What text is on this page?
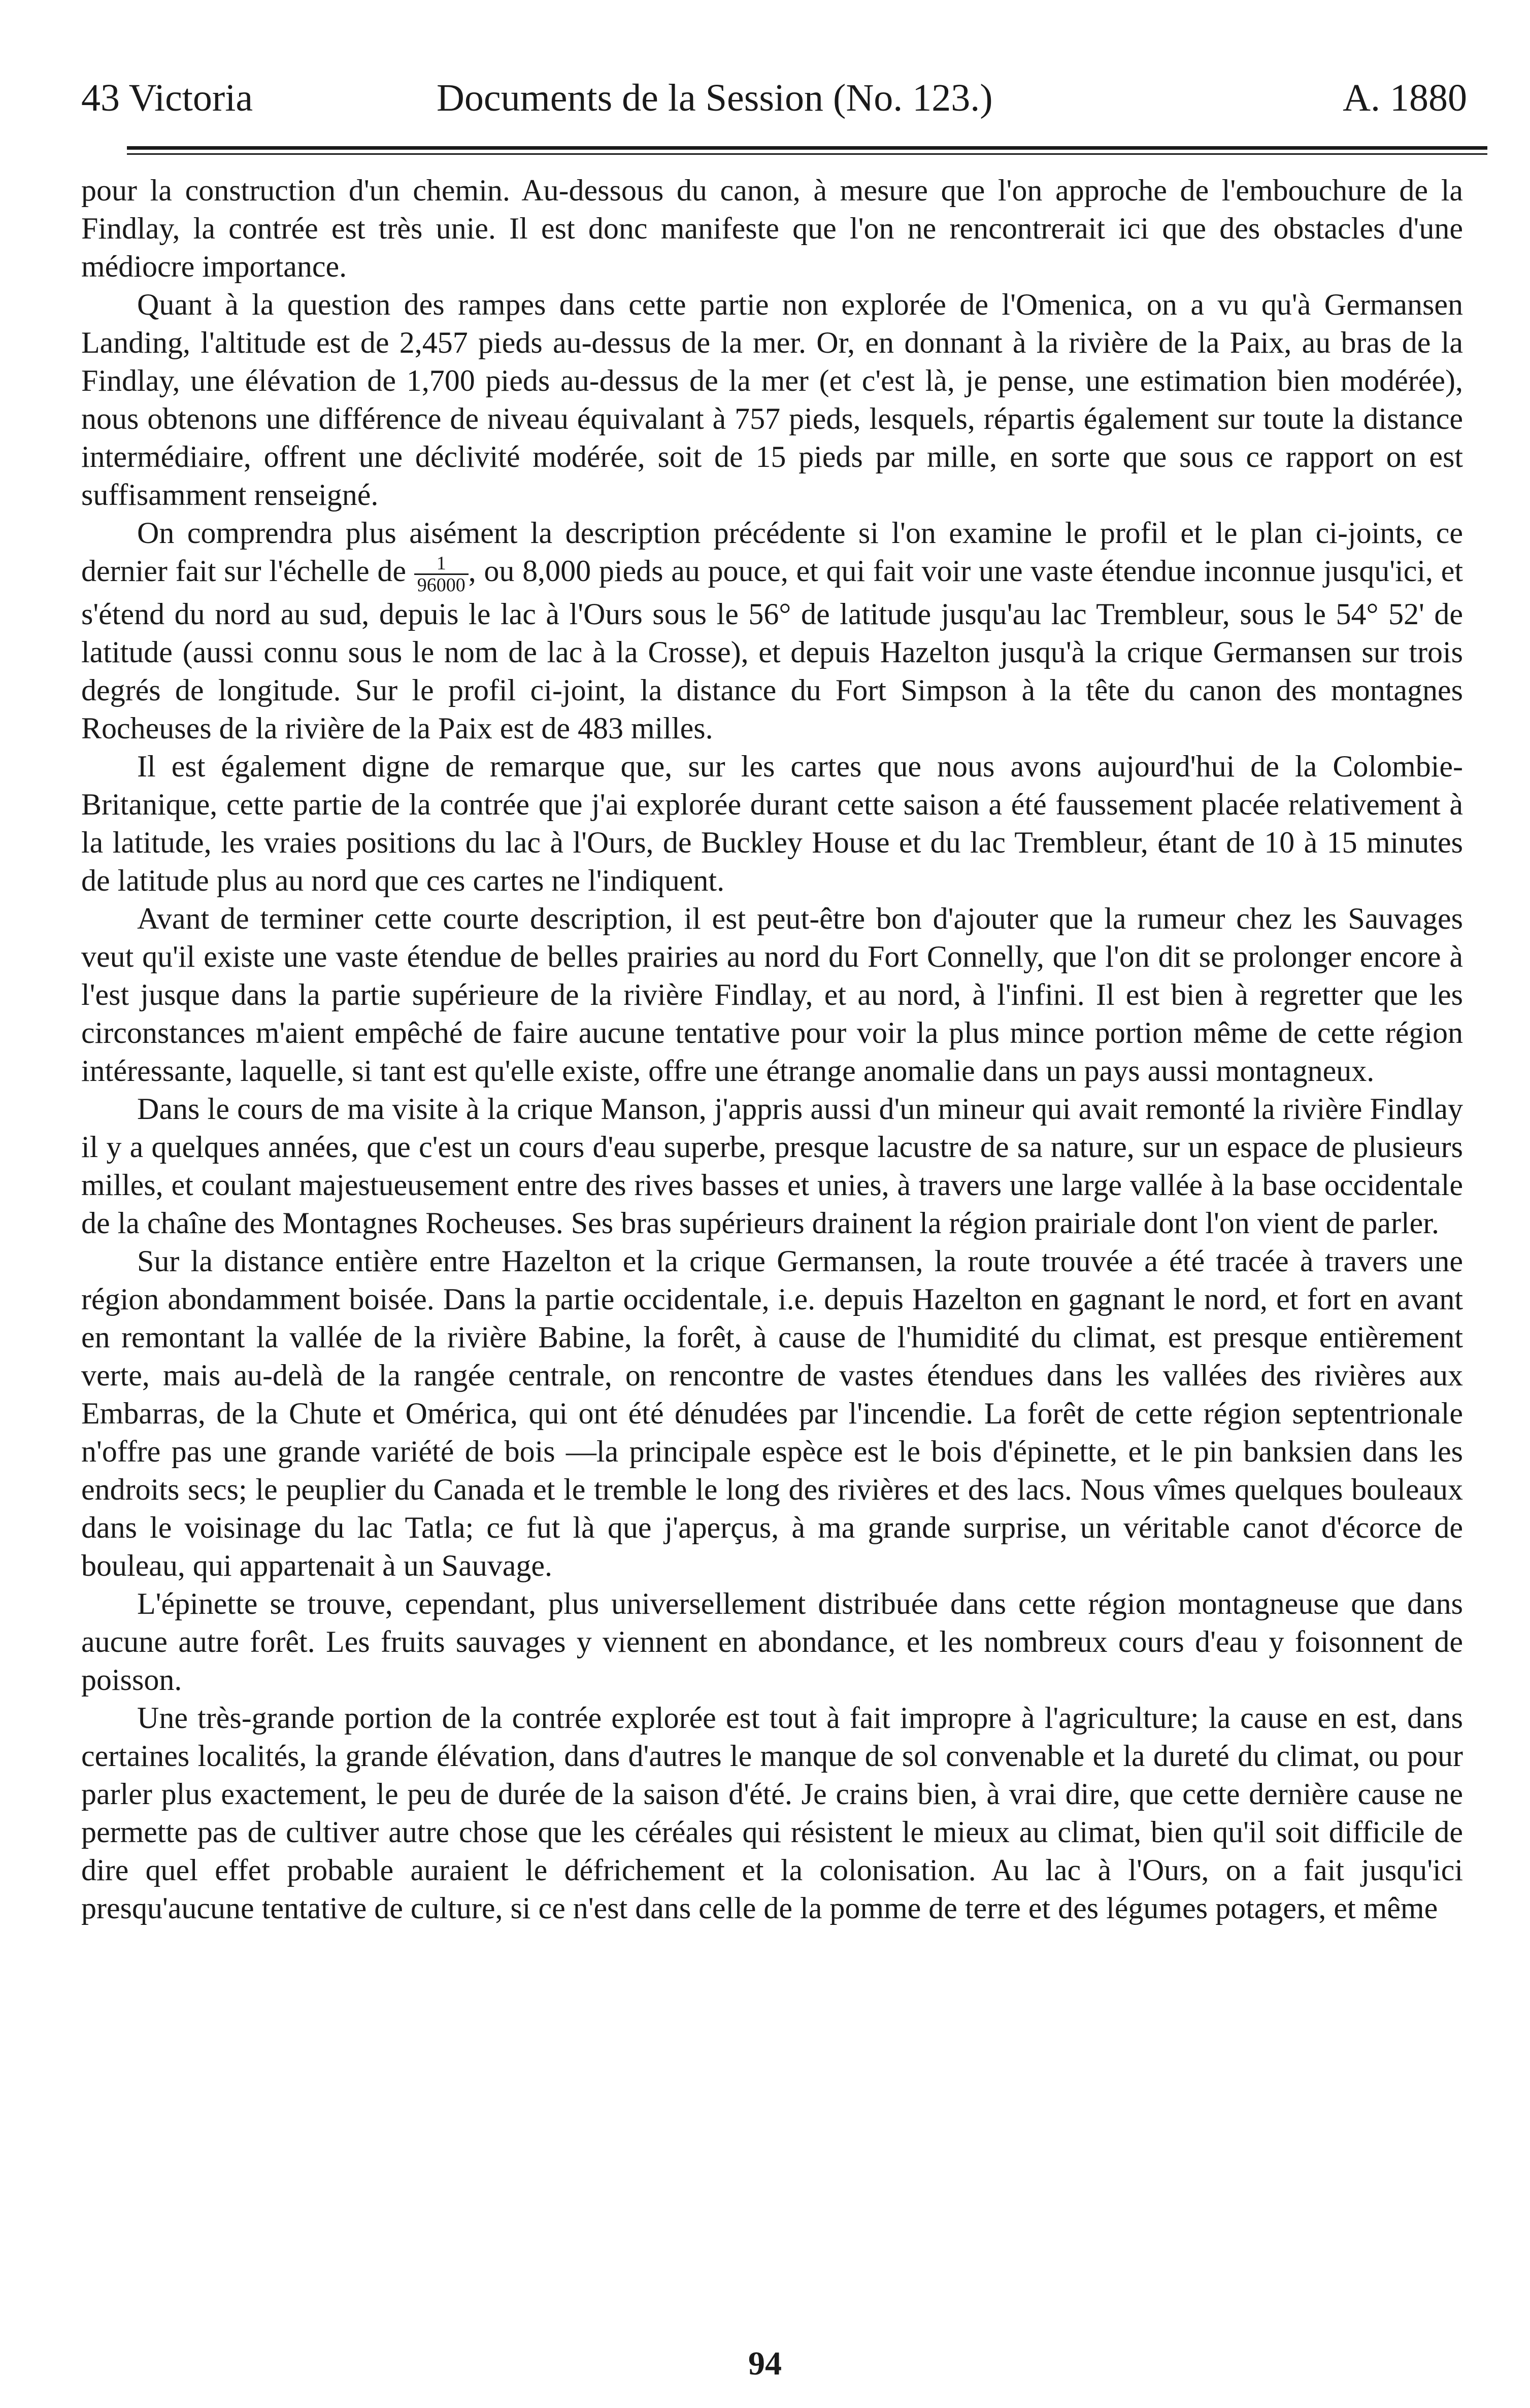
43 Victoria	Documents de la Session (No. 123.)	A. 1880

pour la construction d'un chemin. Au-dessous du canon, à mesure que l'on approche de l'embouchure de la Findlay, la contrée est très unie. Il est donc manifeste que l'on ne rencontrerait ici que des obstacles d'une médiocre importance.

Quant à la question des rampes dans cette partie non explorée de l'Omenica, on a vu qu'à Germansen Landing, l'altitude est de 2,457 pieds au-dessus de la mer. Or, en donnant à la rivière de la Paix, au bras de la Findlay, une élévation de 1,700 pieds au-dessus de la mer (et c'est là, je pense, une estimation bien modérée), nous obtenons une différence de niveau équivalant à 757 pieds, lesquels, répartis également sur toute la distance intermédiaire, offrent une déclivité modérée, soit de 15 pieds par mille, en sorte que sous ce rapport on est suffisamment renseigné.

On comprendra plus aisément la description précédente si l'on examine le profil et le plan ci-joints, ce dernier fait sur l'échelle de $\frac{1}{96000}$ , ou 8,000 pieds au pouce, et qui fait voir une vaste étendue inconnue jusqu'ici, et s'étend du nord au sud, depuis le lac à l'Ours sous le 56° de latitude jusqu'au lac Trembleur, sous le 54° 52' de latitude (aussi connu sous le nom de lac à la Crosse), et depuis Hazelton jusqu'à la crique Germansen sur trois degrés de longitude. Sur le profil ci-joint, la distance du Fort Simpson à la tête du canon des montagnes Rocheuses de la rivière de la Paix est de 483 milles.

Il est également digne de remarque que, sur les cartes que nous avons aujourd'hui de la Colombie-Britanique, cette partie de la contrée que j'ai explorée durant cette saison a été faussement placée relativement à la latitude, les vraies positions du lac à l'Ours, de Buckley House et du lac Trembleur, étant de 10 à 15 minutes de latitude plus au nord que ces cartes ne l'indiquent.

Avant de terminer cette courte description, il est peut-être bon d'ajouter que la rumeur chez les Sauvages veut qu'il existe une vaste étendue de belles prairies au nord du Fort Connelly, que l'on dit se prolonger encore à l'est jusque dans la partie supérieure de la rivière Findlay, et au nord, à l'infini. Il est bien à regretter que les circonstances m'aient empêché de faire aucune tentative pour voir la plus mince portion même de cette région intéressante, laquelle, si tant est qu'elle existe, offre une étrange anomalie dans un pays aussi montagneux.

Dans le cours de ma visite à la crique Manson, j'appris aussi d'un mineur qui avait remonté la rivière Findlay il y a quelques années, que c'est un cours d'eau superbe, presque lacustre de sa nature, sur un espace de plusieurs milles, et coulant majestueusement entre des rives basses et unies, à travers une large vallée à la base occidentale de la chaîne des Montagnes Rocheuses. Ses bras supérieurs drainent la région prairiale dont l'on vient de parler.

Sur la distance entière entre Hazelton et la crique Germansen, la route trouvée a été tracée à travers une région abondamment boisée. Dans la partie occidentale, i.e. depuis Hazelton en gagnant le nord, et fort en avant en remontant la vallée de la rivière Babine, la forêt, à cause de l'humidité du climat, est presque entièrement verte, mais au-delà de la rangée centrale, on rencontre de vastes étendues dans les vallées des rivières aux Embarras, de la Chute et Omérica, qui ont été dénudées par l'incendie. La forêt de cette région septentrionale n'offre pas une grande variété de bois —la principale espèce est le bois d'épinette, et le pin banksien dans les endroits secs; le peuplier du Canada et le tremble le long des rivières et des lacs. Nous vîmes quelques bouleaux dans le voisinage du lac Tatla; ce fut là que j'aperçus, à ma grande surprise, un véritable canot d'écorce de bouleau, qui appartenait à un Sauvage.

L'épinette se trouve, cependant, plus universellement distribuée dans cette région montagneuse que dans aucune autre forêt. Les fruits sauvages y viennent en abondance, et les nombreux cours d'eau y foisonnent de poisson.

Une très-grande portion de la contrée explorée est tout à fait impropre à l'agriculture; la cause en est, dans certaines localités, la grande élévation, dans d'autres le manque de sol convenable et la dureté du climat, ou pour parler plus exactement, le peu de durée de la saison d'été. Je crains bien, à vrai dire, que cette dernière cause ne permette pas de cultiver autre chose que les céréales qui résistent le mieux au climat, bien qu'il soit difficile de dire quel effet probable auraient le défrichement et la colonisation. Au lac à l'Ours, on a fait jusqu'ici presqu'aucune tentative de culture, si ce n'est dans celle de la pomme de terre et des légumes potagers, et même

94
